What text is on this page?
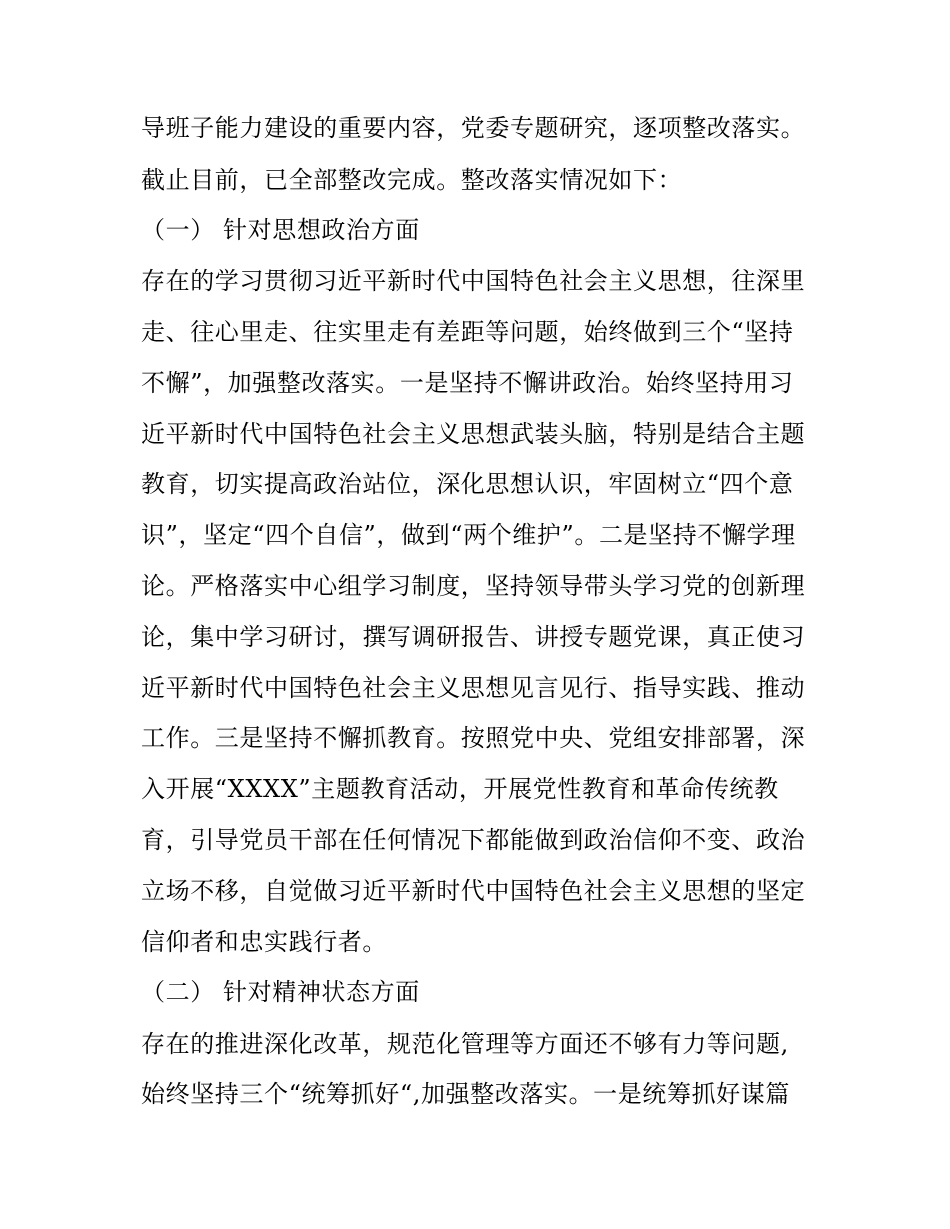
导班子能力建设的重要内容，党委专题研究，逐项整改落实。
截止目前，已全部整改完成。整改落实情况如下：
（一） 针对思想政治方面
存在的学习贯彻习近平新时代中国特色社会主义思想，往深里
走、往心里走、往实里走有差距等问题，始终做到三个“坚持
不懈”，加强整改落实。一是坚持不懈讲政治。始终坚持用习
近平新时代中国特色社会主义思想武装头脑，特别是结合主题
教育，切实提高政治站位，深化思想认识，牢固树立“四个意
识”，坚定“四个自信”，做到“两个维护”。二是坚持不懈学理
论。严格落实中心组学习制度，坚持领导带头学习党的创新理
论，集中学习研讨，撰写调研报告、讲授专题党课，真正使习
近平新时代中国特色社会主义思想见言见行、指导实践、推动
工作。三是坚持不懈抓教育。按照党中央、党组安排部署，深
入开展“XXXX”主题教育活动，开展党性教育和革命传统教
育，引导党员干部在任何情况下都能做到政治信仰不变、政治
立场不移，自觉做习近平新时代中国特色社会主义思想的坚定
信仰者和忠实践行者。
（二） 针对精神状态方面
存在的推进深化改革，规范化管理等方面还不够有力等问题,
始终坚持三个“统筹抓好“,加强整改落实。一是统筹抓好谋篇
